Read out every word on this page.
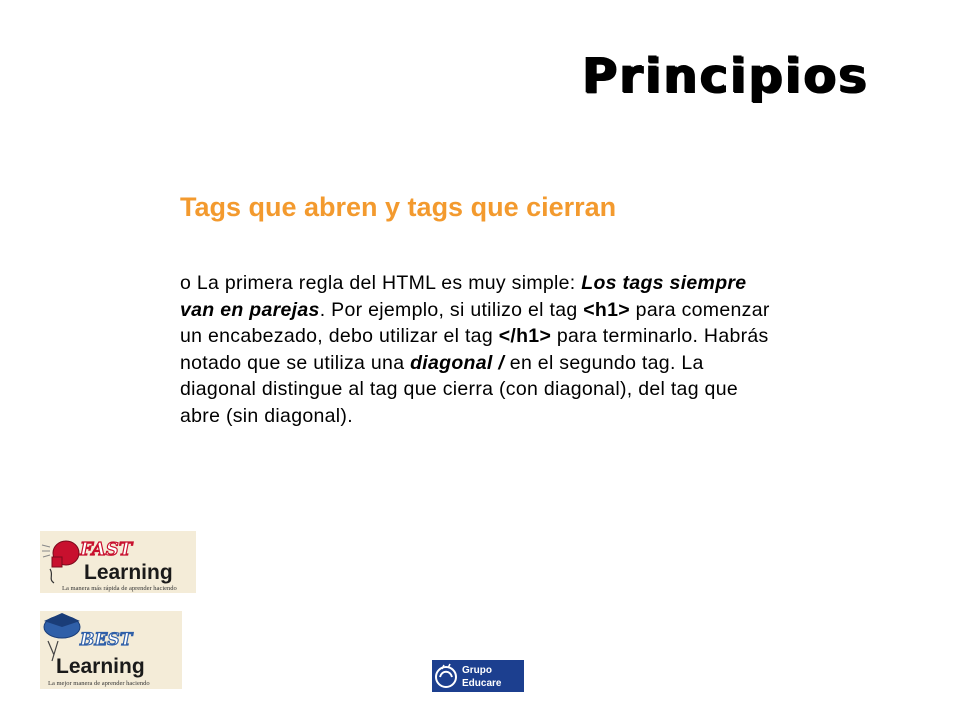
Principios
Tags que abren y tags que cierran
o La primera regla del HTML es muy simple: Los tags siempre van en parejas. Por ejemplo, si utilizo el tag <h1> para comenzar un encabezado, debo utilizar el tag </h1> para terminarlo. Habrás notado que se utiliza una diagonal / en el segundo tag. La diagonal distingue al tag que cierra (con diagonal), del tag que abre (sin diagonal).
FAST
Learning
La manera más rápida de aprender haciendo
BEST
Learning
La mejor manera de aprender haciendo
Grupo
Educare
